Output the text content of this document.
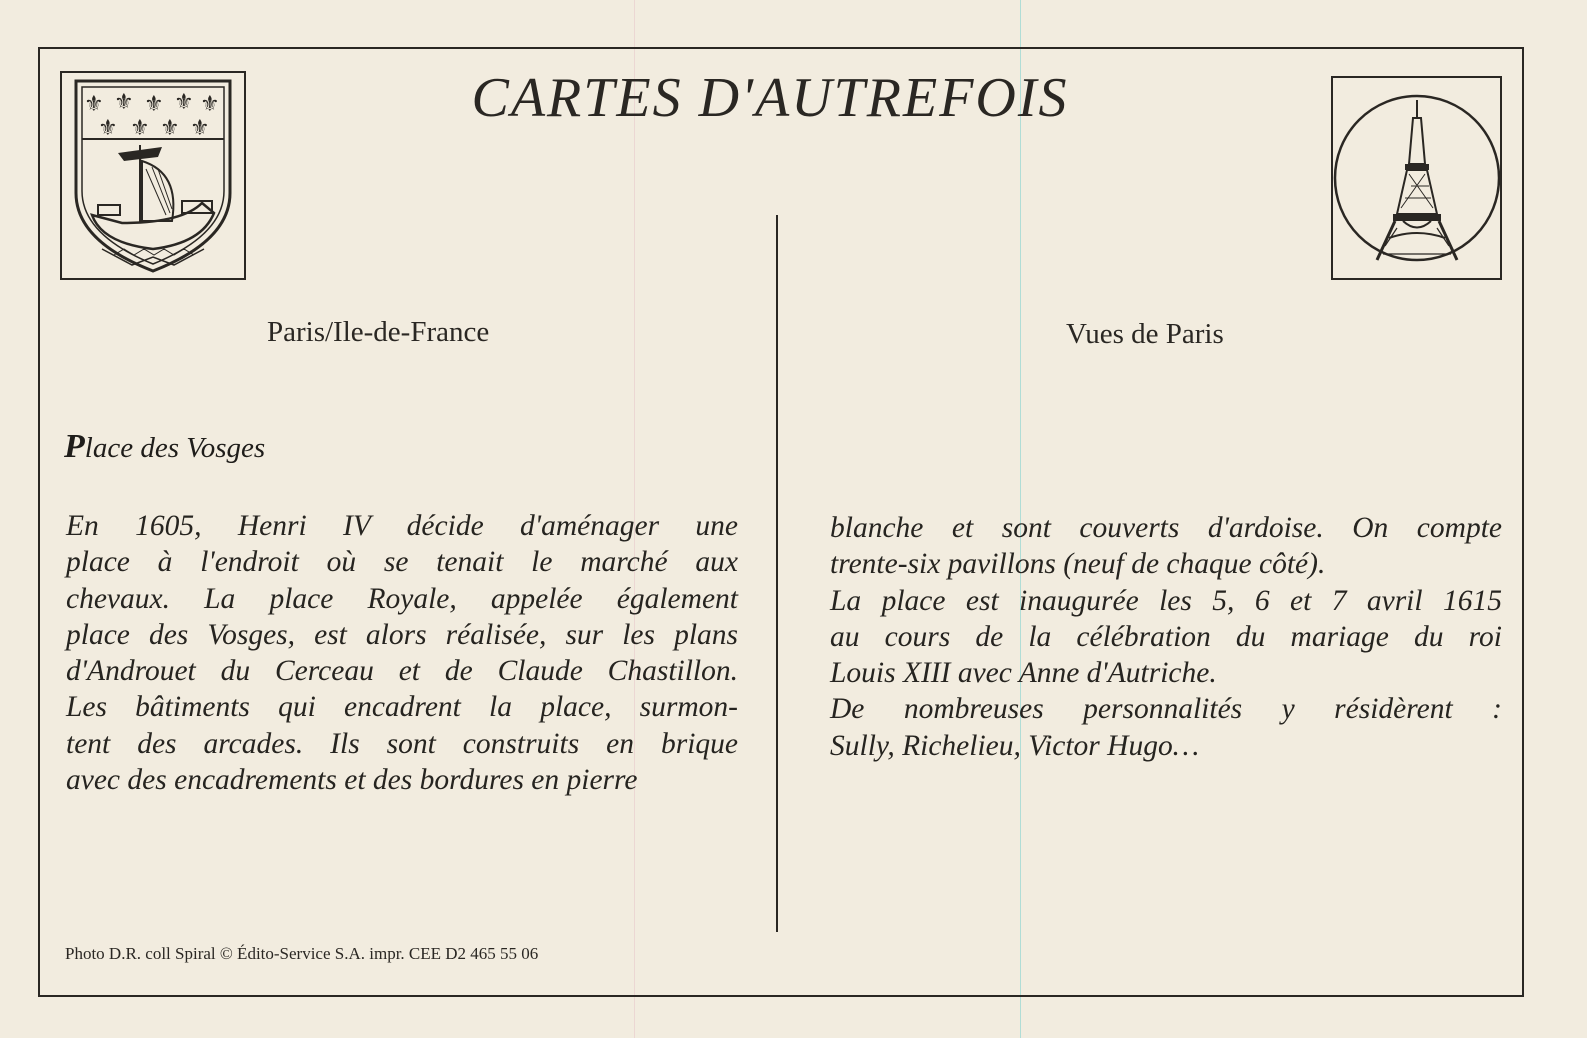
⚜ ⚜ ⚜ ⚜ ⚜
⚜ ⚜ ⚜ ⚜	CARTES D'AUTREFOIS
Paris/Ile-de-France	Vues de Paris
Place des Vosges
En 1605, Henri IV décide d'aménager une
place à l'endroit où se tenait le marché aux
chevaux. La place Royale, appelée également
place des Vosges, est alors réalisée, sur les plans
d'Androuet du Cerceau et de Claude Chastillon.
Les bâtiments qui encadrent la place, surmon-
tent des arcades. Ils sont construits en brique
avec des encadrements et des bordures en pierre
blanche et sont couverts d'ardoise. On compte
trente-six pavillons (neuf de chaque côté).
La place est inaugurée les 5, 6 et 7 avril 1615
au cours de la célébration du mariage du roi
Louis XIII avec Anne d'Autriche.
De nombreuses personnalités y résidèrent :
Sully, Richelieu, Victor Hugo…
Photo D.R. coll Spiral © Édito-Service S.A. impr. CEE D2 465 55 06
